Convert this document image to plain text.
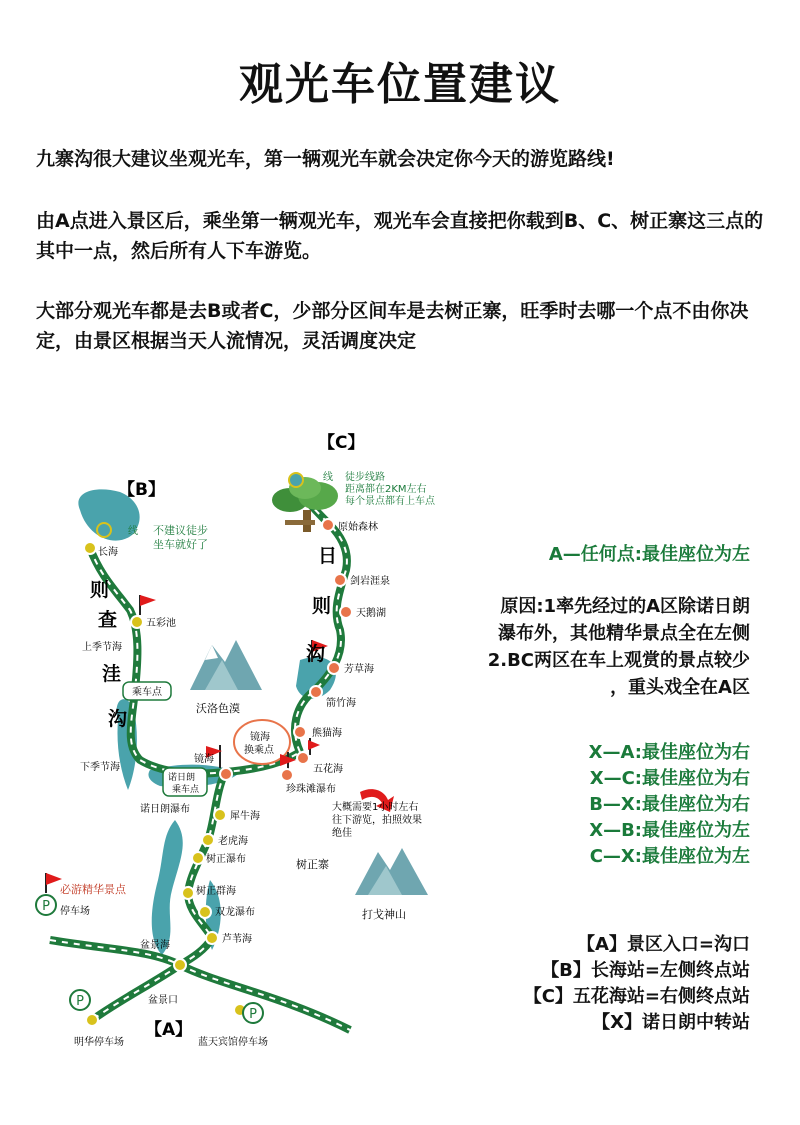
观光车位置建议
九寨沟很大建议坐观光车，第一辆观光车就会决定你今天的游览路线!
由A点进入景区后，乘坐第一辆观光车，观光车会直接把你载到B、C、树正寨这三点的其中一点，然后所有人下车游览。
大部分观光车都是去B或者C，少部分区间车是去树正寨，旺季时去哪一个点不由你决定，由景区根据当天人流情况，灵活调度决定
P
P
P
【B】
【C】
【A】
则
查
洼
沟
日
则
沟
线 不建议徒步
坐车就好了
线 徒步线路
距离都在2KM左右
每个景点都有上车点
长海
五彩池
上季节海
下季节海
镜海
诺日朗瀑布
犀牛海
老虎海
树正瀑布
树正群海
双龙瀑布
芦苇海
盆景海
原始森林
剑岩涯泉
天鹅湖
芳草海
箭竹海
熊猫海
五花海
珍珠滩瀑布
沃洛色漠
树正寨
打戈神山
必游精华景点
大概需要1小时左右
往下游览，拍照效果
绝佳
镜海
换乘点
乘车点
诺日朗
乘车点
盆景口
停车场
明华停车场	蓝天宾馆停车场
A—任何点:最佳座位为左
原因:1率先经过的A区除诺日朗
瀑布外，其他精华景点全在左侧
2.BC两区在车上观赏的景点较少
，重头戏全在A区
X—A:最佳座位为右
X—C:最佳座位为右
B—X:最佳座位为右
X—B:最佳座位为左
C—X:最佳座位为左
【A】景区入口=沟口
【B】长海站=左侧终点站
【C】五花海站=右侧终点站
【X】诺日朗中转站
